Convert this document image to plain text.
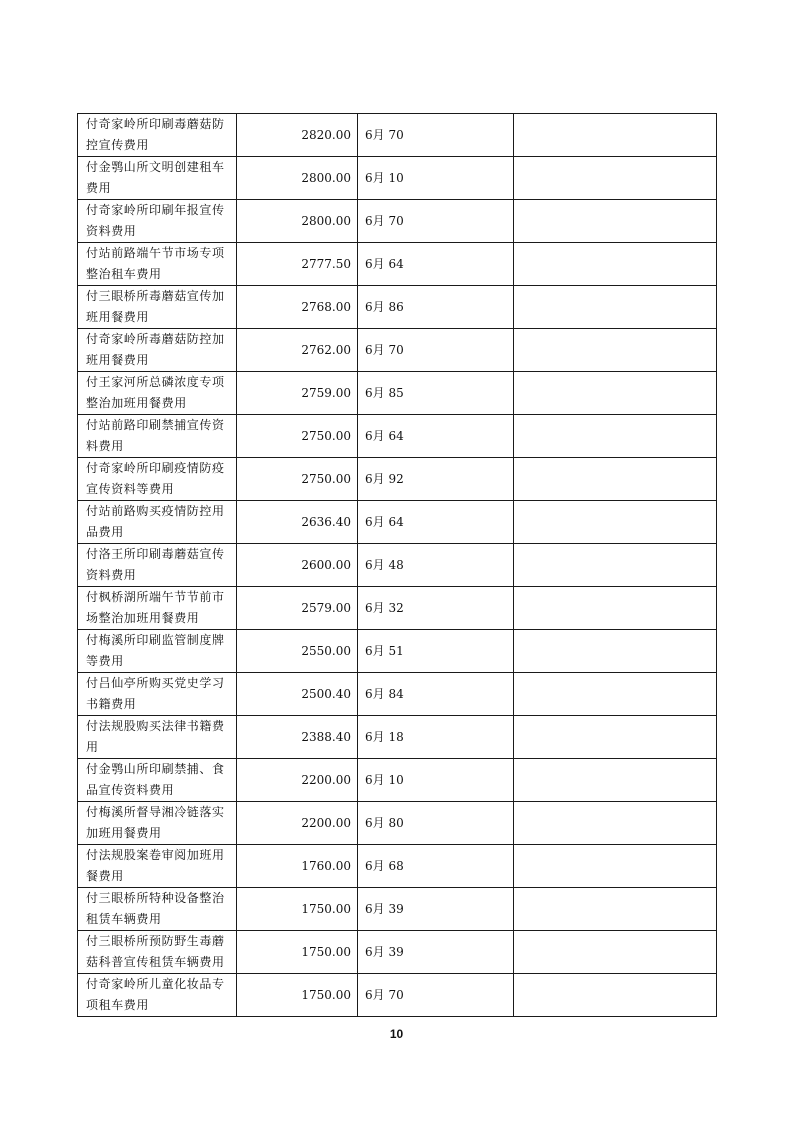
付奇家岭所印刷毒蘑菇防控宣传费用	2820.00	6月 70	

付金鹗山所文明创建租车费用	2800.00	6月 10	

付奇家岭所印刷年报宣传资料费用	2800.00	6月 70	

付站前路端午节市场专项整治租车费用	2777.50	6月 64	

付三眼桥所毒蘑菇宣传加班用餐费用	2768.00	6月 86	

付奇家岭所毒蘑菇防控加班用餐费用	2762.00	6月 70	

付王家河所总磷浓度专项整治加班用餐费用	2759.00	6月 85	

付站前路印刷禁捕宣传资料费用	2750.00	6月 64	

付奇家岭所印刷疫情防疫宣传资料等费用	2750.00	6月 92	

付站前路购买疫情防控用品费用	2636.40	6月 64	

付洛王所印刷毒蘑菇宣传资料费用	2600.00	6月 48	

付枫桥湖所端午节节前市场整治加班用餐费用	2579.00	6月 32	

付梅溪所印刷监管制度牌等费用	2550.00	6月 51	

付吕仙亭所购买党史学习书籍费用	2500.40	6月 84	

付法规股购买法律书籍费用	2388.40	6月 18	

付金鹗山所印刷禁捕、食品宣传资料费用	2200.00	6月 10	

付梅溪所督导湘冷链落实加班用餐费用	2200.00	6月 80	

付法规股案卷审阅加班用餐费用	1760.00	6月 68	

付三眼桥所特种设备整治租赁车辆费用	1750.00	6月 39	

付三眼桥所预防野生毒蘑菇科普宣传租赁车辆费用	1750.00	6月 39	

付奇家岭所儿童化妆品专项租车费用	1750.00	6月 70	
10
